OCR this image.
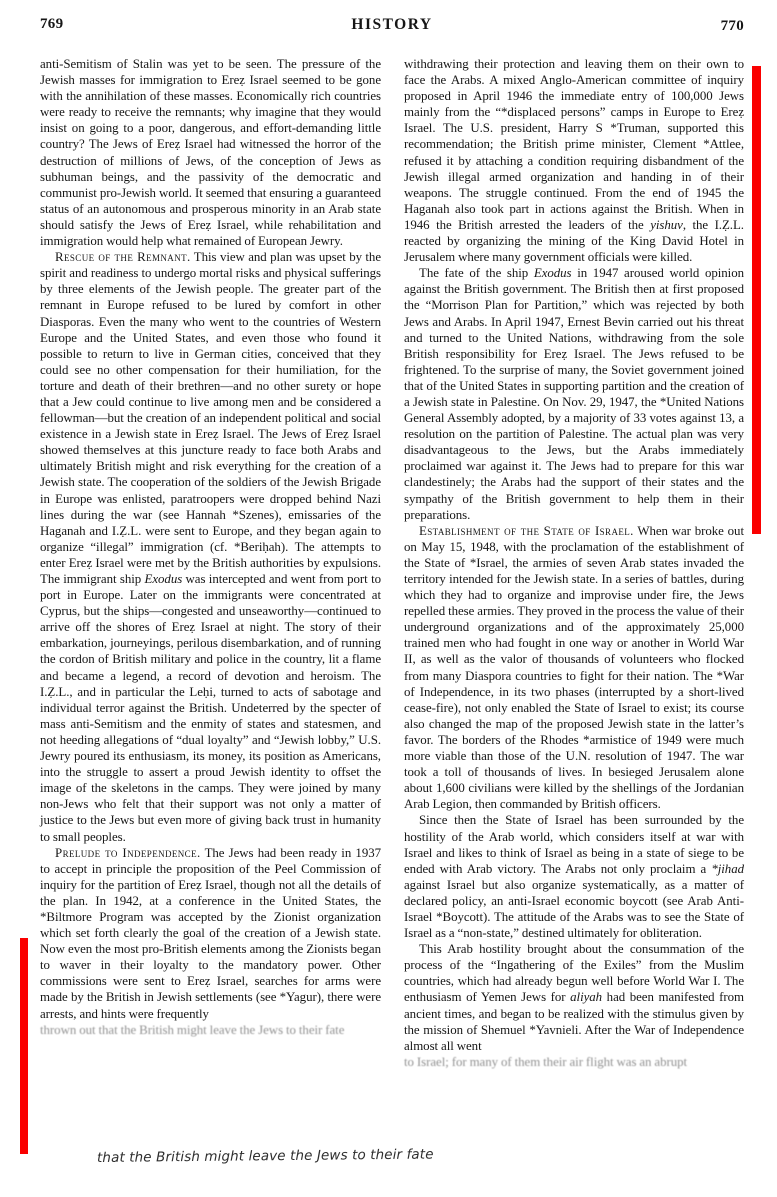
769	HISTORY	770

anti-Semitism of Stalin was yet to be seen. The pressure of the Jewish masses for immigration to Ereẓ Israel seemed to be gone with the annihilation of these masses. Economically rich countries were ready to receive the remnants; why imagine that they would insist on going to a poor, dangerous, and effort-demanding little country? The Jews of Ereẓ Israel had witnessed the horror of the destruction of millions of Jews, of the conception of Jews as subhuman beings, and the passivity of the democratic and communist pro-Jewish world. It seemed that ensuring a guaranteed status of an autonomous and prosperous minority in an Arab state should satisfy the Jews of Ereẓ Israel, while rehabilitation and immigration would help what remained of European Jewry.

Rescue of the Remnant. This view and plan was upset by the spirit and readiness to undergo mortal risks and physical sufferings by three elements of the Jewish people. The greater part of the remnant in Europe refused to be lured by comfort in other Diasporas. Even the many who went to the countries of Western Europe and the United States, and even those who found it possible to return to live in German cities, conceived that they could see no other compensation for their humiliation, for the torture and death of their brethren—and no other surety or hope that a Jew could continue to live among men and be considered a fellowman—but the creation of an independent political and social existence in a Jewish state in Ereẓ Israel. The Jews of Ereẓ Israel showed themselves at this juncture ready to face both Arabs and ultimately British might and risk everything for the creation of a Jewish state. The cooperation of the soldiers of the Jewish Brigade in Europe was enlisted, paratroopers were dropped behind Nazi lines during the war (see Hannah *Szenes), emissaries of the Haganah and I.Ẓ.L. were sent to Europe, and they began again to organize “illegal” immigration (cf. *Beriḥah). The attempts to enter Ereẓ Israel were met by the British authorities by expulsions. The immigrant ship Exodus was intercepted and went from port to port in Europe. Later on the immigrants were concentrated at Cyprus, but the ships—congested and unseaworthy—continued to arrive off the shores of Ereẓ Israel at night. The story of their embarkation, journeyings, perilous disembarkation, and of running the cordon of British military and police in the country, lit a flame and became a legend, a record of devotion and heroism. The I.Ẓ.L., and in particular the Leḥi, turned to acts of sabotage and individual terror against the British. Undeterred by the specter of mass anti-Semitism and the enmity of states and statesmen, and not heeding allegations of “dual loyalty” and “Jewish lobby,” U.S. Jewry poured its enthusiasm, its money, its position as Americans, into the struggle to assert a proud Jewish identity to offset the image of the skeletons in the camps. They were joined by many non-Jews who felt that their support was not only a matter of justice to the Jews but even more of giving back trust in humanity to small peoples.

Prelude to Independence. The Jews had been ready in 1937 to accept in principle the proposition of the Peel Commission of inquiry for the partition of Ereẓ Israel, though not all the details of the plan. In 1942, at a conference in the United States, the *Biltmore Program was accepted by the Zionist organization which set forth clearly the goal of the creation of a Jewish state. Now even the most pro-British elements among the Zionists began to waver in their loyalty to the mandatory power. Other commissions were sent to Ereẓ Israel, searches for arms were made by the British in Jewish settlements (see *Yagur), there were arrests, and hints were frequently

thrown out that the British might leave the Jews to their fate

withdrawing their protection and leaving them on their own to face the Arabs. A mixed Anglo-American committee of inquiry proposed in April 1946 the immediate entry of 100,000 Jews mainly from the “*displaced persons” camps in Europe to Ereẓ Israel. The U.S. president, Harry S *Truman, supported this recommendation; the British prime minister, Clement *Attlee, refused it by attaching a condition requiring disbandment of the Jewish illegal armed organization and handing in of their weapons. The struggle continued. From the end of 1945 the Haganah also took part in actions against the British. When in 1946 the British arrested the leaders of the yishuv, the I.Ẓ.L. reacted by organizing the mining of the King David Hotel in Jerusalem where many government officials were killed.

The fate of the ship Exodus in 1947 aroused world opinion against the British government. The British then at first proposed the “Morrison Plan for Partition,” which was rejected by both Jews and Arabs. In April 1947, Ernest Bevin carried out his threat and turned to the United Nations, withdrawing from the sole British responsibility for Ereẓ Israel. The Jews refused to be frightened. To the surprise of many, the Soviet government joined that of the United States in supporting partition and the creation of a Jewish state in Palestine. On Nov. 29, 1947, the *United Nations General Assembly adopted, by a majority of 33 votes against 13, a resolution on the partition of Palestine. The actual plan was very disadvantageous to the Jews, but the Arabs immediately proclaimed war against it. The Jews had to prepare for this war clandestinely; the Arabs had the support of their states and the sympathy of the British government to help them in their preparations.

Establishment of the State of Israel. When war broke out on May 15, 1948, with the proclamation of the establishment of the State of *Israel, the armies of seven Arab states invaded the territory intended for the Jewish state. In a series of battles, during which they had to organize and improvise under fire, the Jews repelled these armies. They proved in the process the value of their underground organizations and of the approximately 25,000 trained men who had fought in one way or another in World War II, as well as the valor of thousands of volunteers who flocked from many Diaspora countries to fight for their nation. The *War of Independence, in its two phases (interrupted by a short-lived cease-fire), not only enabled the State of Israel to exist; its course also changed the map of the proposed Jewish state in the latter’s favor. The borders of the Rhodes *armistice of 1949 were much more viable than those of the U.N. resolution of 1947. The war took a toll of thousands of lives. In besieged Jerusalem alone about 1,600 civilians were killed by the shellings of the Jordanian Arab Legion, then commanded by British officers.

Since then the State of Israel has been surrounded by the hostility of the Arab world, which considers itself at war with Israel and likes to think of Israel as being in a state of siege to be ended with Arab victory. The Arabs not only proclaim a *jihad against Israel but also organize systematically, as a matter of declared policy, an anti-Israel economic boycott (see Arab Anti-Israel *Boycott). The attitude of the Arabs was to see the State of Israel as a “non-state,” destined ultimately for obliteration.

This Arab hostility brought about the consummation of the process of the “Ingathering of the Exiles” from the Muslim countries, which had already begun well before World War I. The enthusiasm of Yemen Jews for aliyah had been manifested from ancient times, and began to be realized with the stimulus given by the mission of Shemuel *Yavnieli. After the War of Independence almost all went

to Israel; for many of them their air flight was an abrupt

that the British might leave the Jews to their fate
